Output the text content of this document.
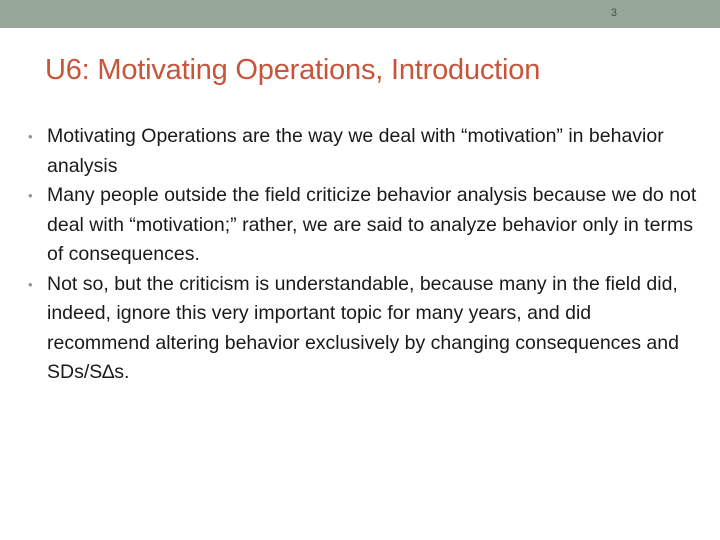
3
U6: Motivating Operations, Introduction
• Motivating Operations are the way we deal with “motivation” in behavior analysis
• Many people outside the field criticize behavior analysis because we do not deal with “motivation;” rather, we are said to analyze behavior only in terms of consequences.
• Not so, but the criticism is understandable, because many in the field did, indeed, ignore this very important topic for many years, and did recommend altering behavior exclusively by changing consequences and SDs/S∆s.
